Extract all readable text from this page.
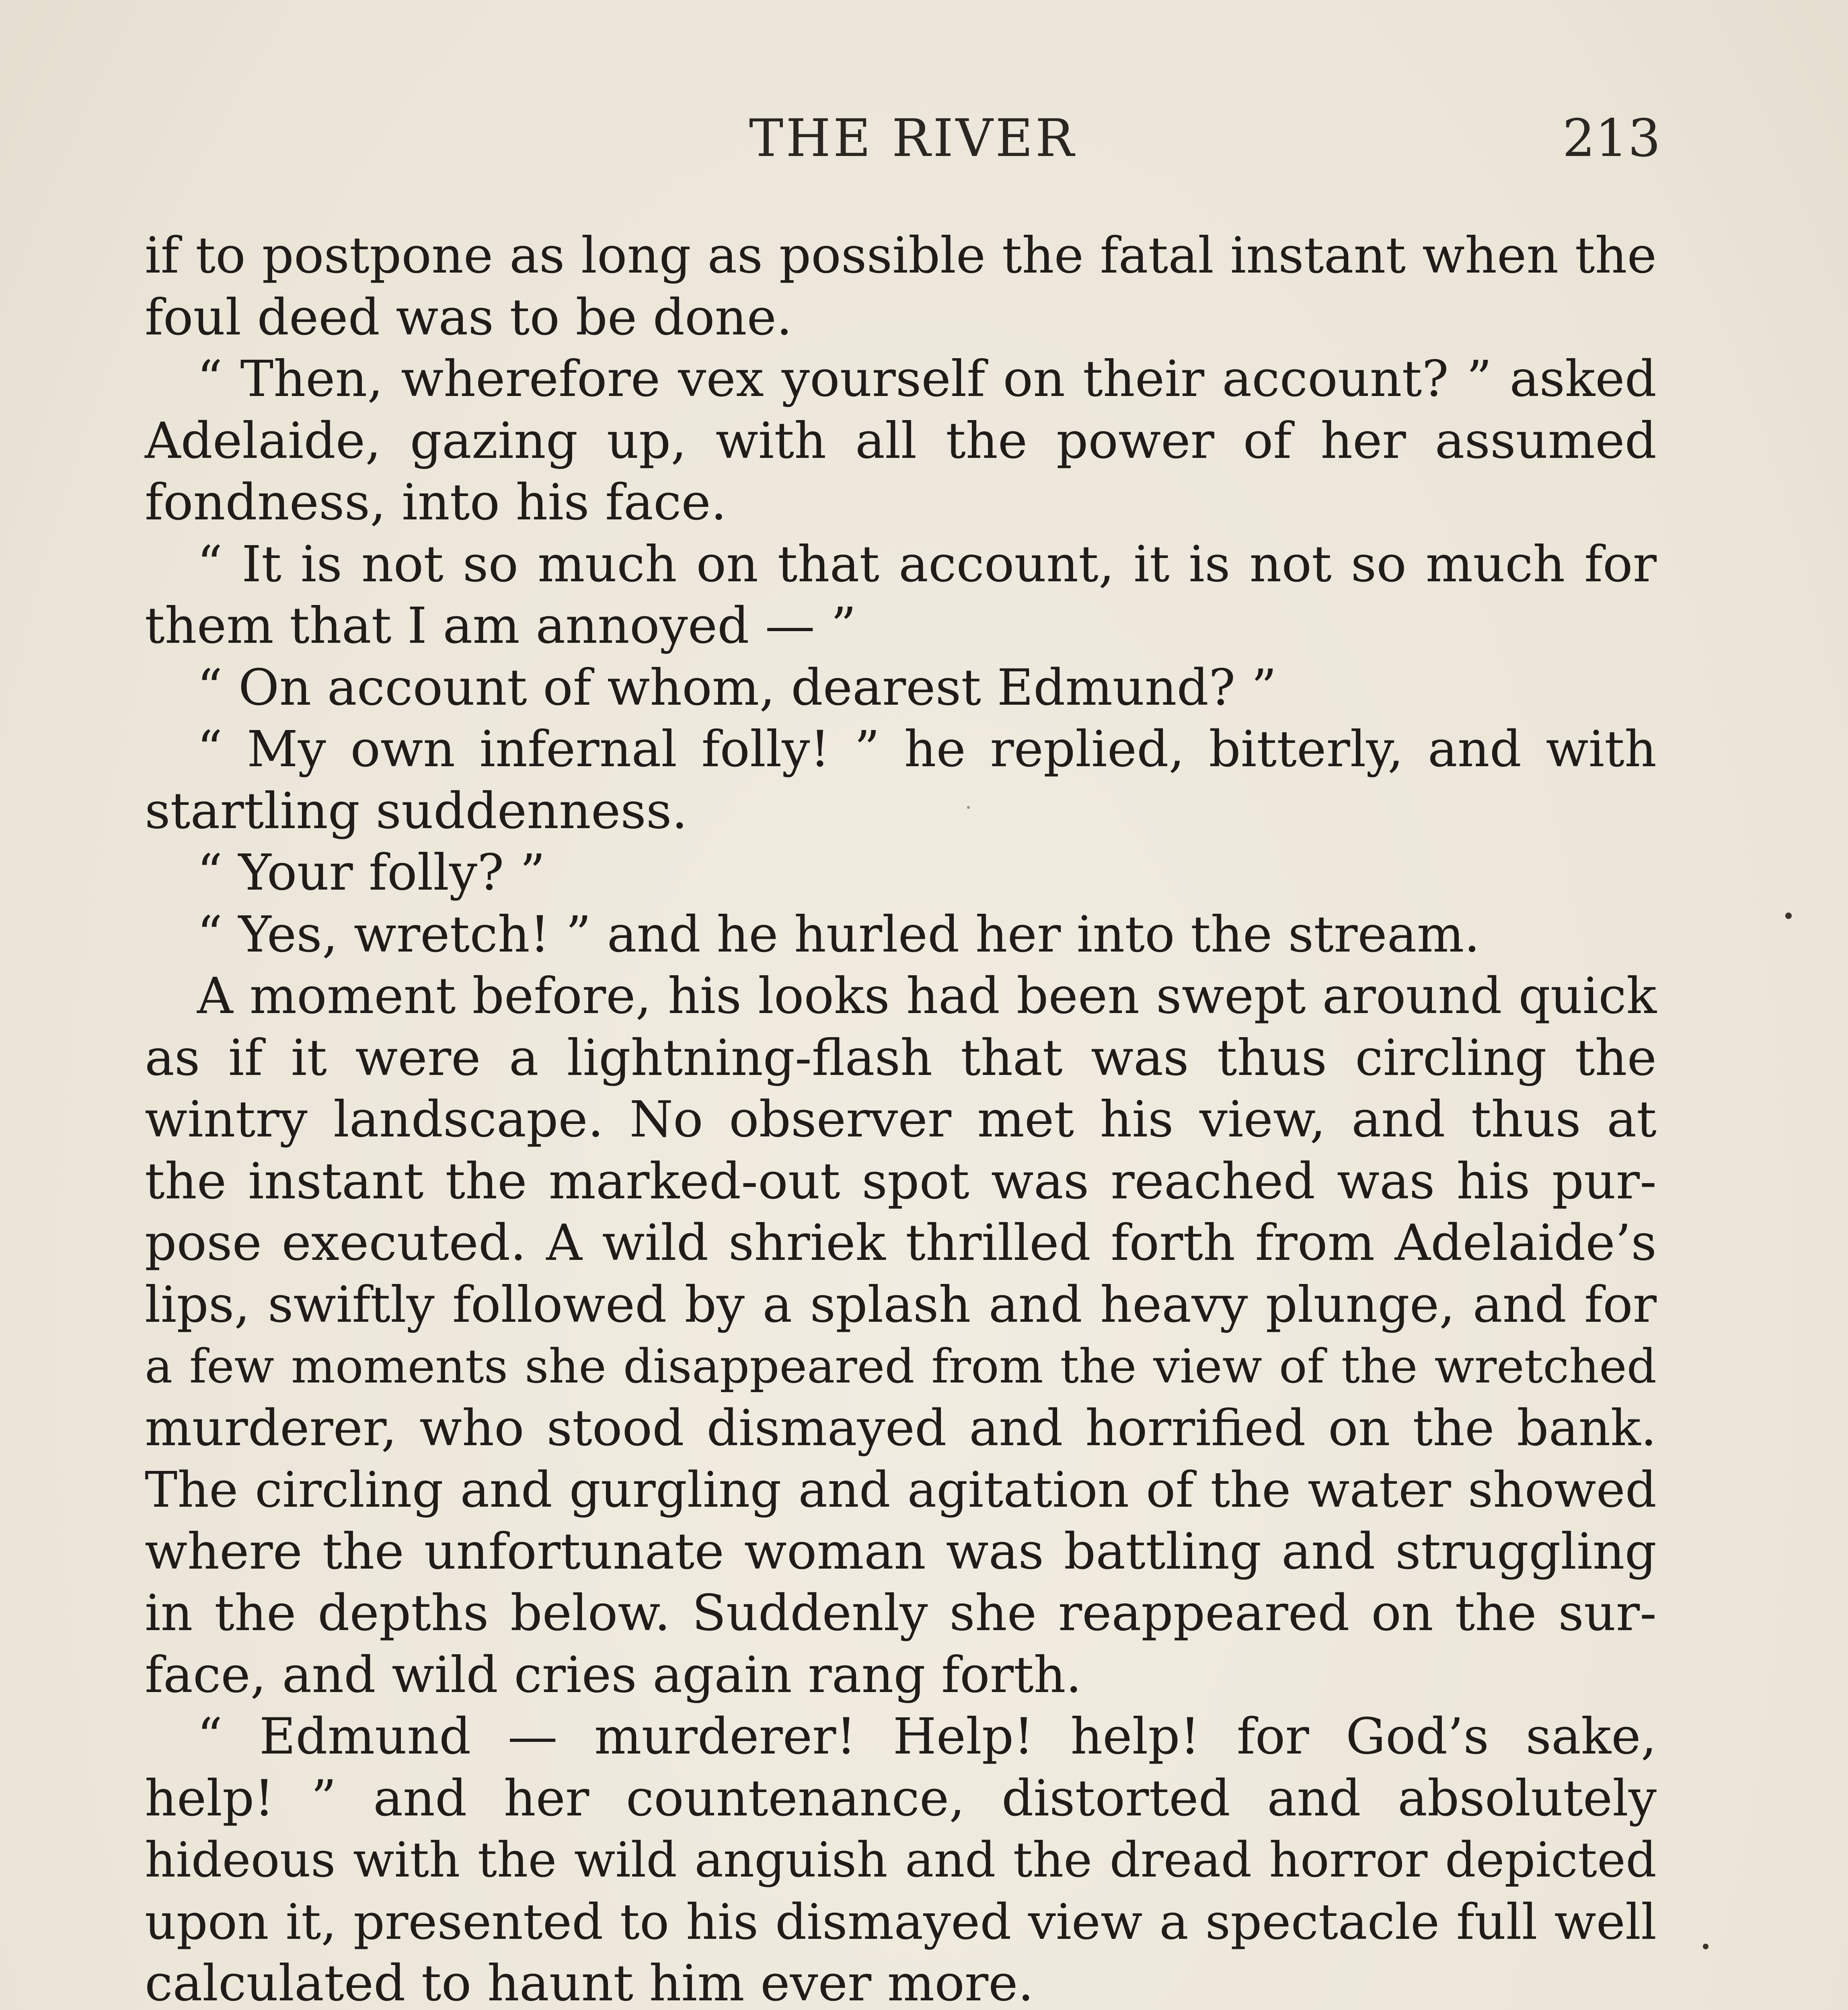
THE RIVER	213
if to postpone as long as possible the fatal instant when the
foul deed was to be done.
“ Then, wherefore vex yourself on their account? ” asked
Adelaide, gazing up, with all the power of her assumed
fondness, into his face.
“ It is not so much on that account, it is not so much for
them that I am annoyed — ”
“ On account of whom, dearest Edmund? ”
“ My own infernal folly! ” he replied, bitterly, and with
startling suddenness.
“ Your folly? ”
“ Yes, wretch! ” and he hurled her into the stream.
A moment before, his looks had been swept around quick
as if it were a lightning-flash that was thus circling the
wintry landscape. No observer met his view, and thus at
the instant the marked-out spot was reached was his pur-
pose executed. A wild shriek thrilled forth from Adelaide’s
lips, swiftly followed by a splash and heavy plunge, and for
a few moments she disappeared from the view of the wretched
murderer, who stood dismayed and horrified on the bank.
The circling and gurgling and agitation of the water showed
where the unfortunate woman was battling and struggling
in the depths below. Suddenly she reappeared on the sur-
face, and wild cries again rang forth.
“ Edmund — murderer! Help! help! for God’s sake,
help! ” and her countenance, distorted and absolutely
hideous with the wild anguish and the dread horror depicted
upon it, presented to his dismayed view a spectacle full well
calculated to haunt him ever more.
